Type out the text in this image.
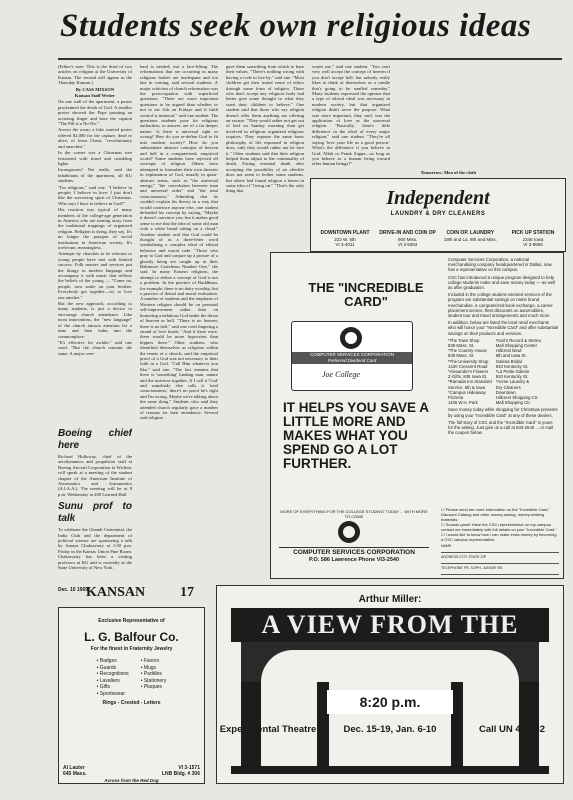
Students seek own religious ideas

(Editor's note: This is the third of two articles on religion at the University of Kansas. The second will appear in the Thursday Kansan.)

By CASS MIXSON

Kansan Staff Writer

On one wall of the apartment, a poster proclaimed the death of God. A smaller poster showed the Pope pointing an accusing finger and bore the caption "The Pill is a No-No."

Across the room, a fake wanted poster offered $2,000 for the capture, dead or alive, of Jesus Christ, "revolutionary and anarchist."

In the corner was a Christmas tree festooned with tinsel and twinkling lights.

Incongruous? Not really, said the inhabitants of the apartment, all KU students.

"I'm religious," said one. "I believe in people; I believe in love; I just don't like the sorrowing spirit of Christmas. Who says I have to believe in God?"

His reaction was typical of many members of the college-age generation in America who are turning away from the traditional trappings of organized religion. Religion is dying, they say. It's no longer the paragon of social institutions in American society. It's irrelevant, meaningless.

Attempts by churches to be relevant to young people have met with limited success. Folk masses and services put the liturgy in modern language and accompany it with music that reflects the beliefs of the young — "Come on, people, now smile on your brother. Everybody get together—try to love one another."

But the new approach, according to many students, is just a device to encourage church attendance. Like most innovations, the "new language" of the church attracts attention for a time and then fades into the commonplace.

"It's effective for awhile," said one coed. "But the church remains the same. A major over-

Boeing chief here

Richard Holloway, chief of the aerodynamics and propulsion staff at Boeing Aircraft Corporation in Wichita, will speak at a meeting of the student chapter of the American Institute of Aeronautics and Astronautics (A.I.A.A.). The meeting will be at 8 p.m. Wednesday in 200 Learned Hall.

Sunu prof to talk

To celebrate the Ghandi Centennial, the India Club and the department of political science are sponsoring a talk by Amaya Chakravarty at 1:30 p.m. Friday in the Kansas Union Pine Room. Chakravarty has been a visiting professor at KU and is currently at the State University of New York.

haul is needed, not a face-lifting. The reformations that are occurring in many religious bodies are inadequate and too late in coming, said several students. A major criticism of church reformation was the preoccupation with superficial questions. "There are more important questions to be argued than whether or not to eat fish on Fridays and if birth control is immoral," said one student. The questions students pose for religious authorities, to answer, are of a far deeper nature. Is there a universal right or wrong? How do you re-define God to fit into modern society? How do you substantiate abstract concepts of heaven and hell in a computerized, empirical world? Some students have rejected all concepts of religion. Others have attempted to formulate their own theories in explanation of God, usually in quasi-abstract terms, such as "the universal energy," "the convolution between man and universal order" and "the total consciousness." Admitting that he couldn't explain his theory in a way that would convince anyone else, one student defended his concept by saying, "Maybe it doesn't convince you, but it makes good sense to me that the idea of some old man with a white beard sitting on a cloud." Another student said that God could be thought of as a three-letter word symbolizing a complex ideal of ethical behavior and moral code. "Those who pray to God and conjure up a picture of a ghostly being are caught up in their Baltimore Catechism Number One," she said. In many Eastern religions, the attempt to define a concept of God is not a problem. In the practice of Buddhism, for example, there is no deity worship, but a practice of denial and moral evaluation. A number of students and the emphasis of Western religion should be on personal self-improvement rather than on humoring a nebulous God under the threat of heaven or hell. "There is no heaven; there is no hell," said one coed fingering a strand of love beads. "And if there were, there would be more hypocrites than hippies there." Other students, who identified themselves as religious within the tenets of a church, said the empirical proof of a God was not necessary to their faith in a God. "Call Him whatever you like," said one. "The fact remains that there is 'something' binding man, nature and the universe together. If I call it 'God' and somebody else calls it 'total consciousness,' there's no proof he's right and I'm wrong. Maybe we're talking about the same thing." Students who said they attended church regularly gave a number of reasons for their attendance. Several said religion

gave them something from which to base their values. "There's nothing wrong with having a code to live by," said one. "Most children get their initial sense of ethics through some form of religion. Those who don't accept any religious body had better give some thought to what they want their children to believe." One student said that those who say religion doesn't offer them anything are offering an excuse. "They would rather not get out of bed on Sunday morning than get involved in religious organized religious requires. They espouse the same basic philosophy of life espoused in religion does, only they would rather not be face it." Other students said that their religion helped them adjust to the continuality of death. Facing eventual death after accepting the possibility of an afterlife does not seem to bother some students, but others had found religion a haven in some idea of "living on." "That's the only thing that

scares me," said one student. "You can't very well accept the concept of heaven if you don't accept hell, but nobody really likes to think of themselves as a candle that's going to be snuffed someday." Many students expressed the opinion that a type of ethical ideal was necessary in modern society, but that organized religion didn't serve the purpose. What was more important, they said, was the application of love as the universal religion. "Basically, there's little difference in the ideal of every major religion," said one student. "They're all saying 'love your life as a good person.' What's the difference if you believe in God, Allah or Frank Zappa—as long as you behave as a human being toward other human beings?"

Tomorrow: Men of the cloth
Independent
LAUNDRY & DRY CLEANERS
DOWNTOWN PLANT
222 W. 6th
VI 3-4011
DRIVE-IN AND COIN OP
900 Miss.
VI 3-5304
COIN OP. LAUNDRY
19th and La. 9th and Miss.

PICK UP STATION
2346 Iowa
VI 3-9868
THE "INCREDIBLE CARD"
COMPUTER SERVICES CORPORATION
Preferred Dividend Card
Joe College
IT HELPS YOU SAVE A LITTLE MORE AND MAKES WHAT YOU SPEND GO A LOT FURTHER.

Computer Services Corporation, a national merchandising company headquartered in Dallas, now has a representative on this campus.

CSC has introduced a unique program designed to help college students make and save money today — as well as after graduation.

Included in the college student-oriented services of the program are substantial savings on name brand merchandise, a computerized book exchange, a career placement service, fleet discounts on automobiles, student tour and travel arrangements and much more.

In addition, below are listed the local retail merchants who will honor your "Incredible Card" and offer substantial savings on their products and services.

*The Town Shop
839 Mass. St.
*The Country House
839 Mass. St.
*The University Shop
1420 Crescent Road
*Alexander's Flowers
Z-Gifts, 835 Iowa St.
*Ramada Inn Standard
Service, 6th & Iowa
*Campus Hideaway
Pizzeria
1106 W.H. Park
*Karl's Record & Stereo
Mall Shopping Center
Hillcrest Bowl
9th and Iowa St.
Galena Bridal
910 Kentucky St.
*La Petite Galerie
910 Kentucky St.
*Acme Laundry &
Dry Cleaners
Downtown
Hillcrest Shopping Ctr.
Mall Shopping Ctr.

Save money today while shopping for Christmas presents by using your "Incredible Card" at any of these dealers.

The full story of CSC and the "Incredible Card" is yours for the asking. Just give us a call at 843-2540 ... or mail the coupon below.

MORE OF EVERYTHING FOR THE COLLEGE STUDENT TODAY ... WITH MORE TO COME
COMPUTER SERVICES CORPORATION
P.O. 586 Lawrence Phone VI3-2540
☐ Please send me more information on the "Incredible Card," Discount Catalog and other money-saving, money-making materials.
☐ Sounds great! Have the CSC representative on my campus contact me immediately with full details on your "Incredible Card."
☐ I would like to know how I can make extra money by becoming a CSC campus representative.
NAME
ADDRESS CITY STATE ZIP
TELEPHONE FR. SOPH. JUNIOR SR.
Dec. 10 1969
KANSAN 17
Exclusive Representative of
L. G. Balfour Co.
For the finest in Fraternity Jewelry
• Badges
• Guards
• Recognitions
• Lavaliers
• Gifts
• Sportswear
• Favors
• Mugs
• Paddles
• Stationery
• Plaques
Rings - Crested - Letters
Al Lauter
645 Mass.
VI 3-1571
LNB Bldg. # 306
Across from the Red Dog
Arthur Miller:
A VIEW FROM THE
8:20 p.m.
Experimental Theatre	Dec. 15-19, Jan. 6-10	Call UN 4-3982
